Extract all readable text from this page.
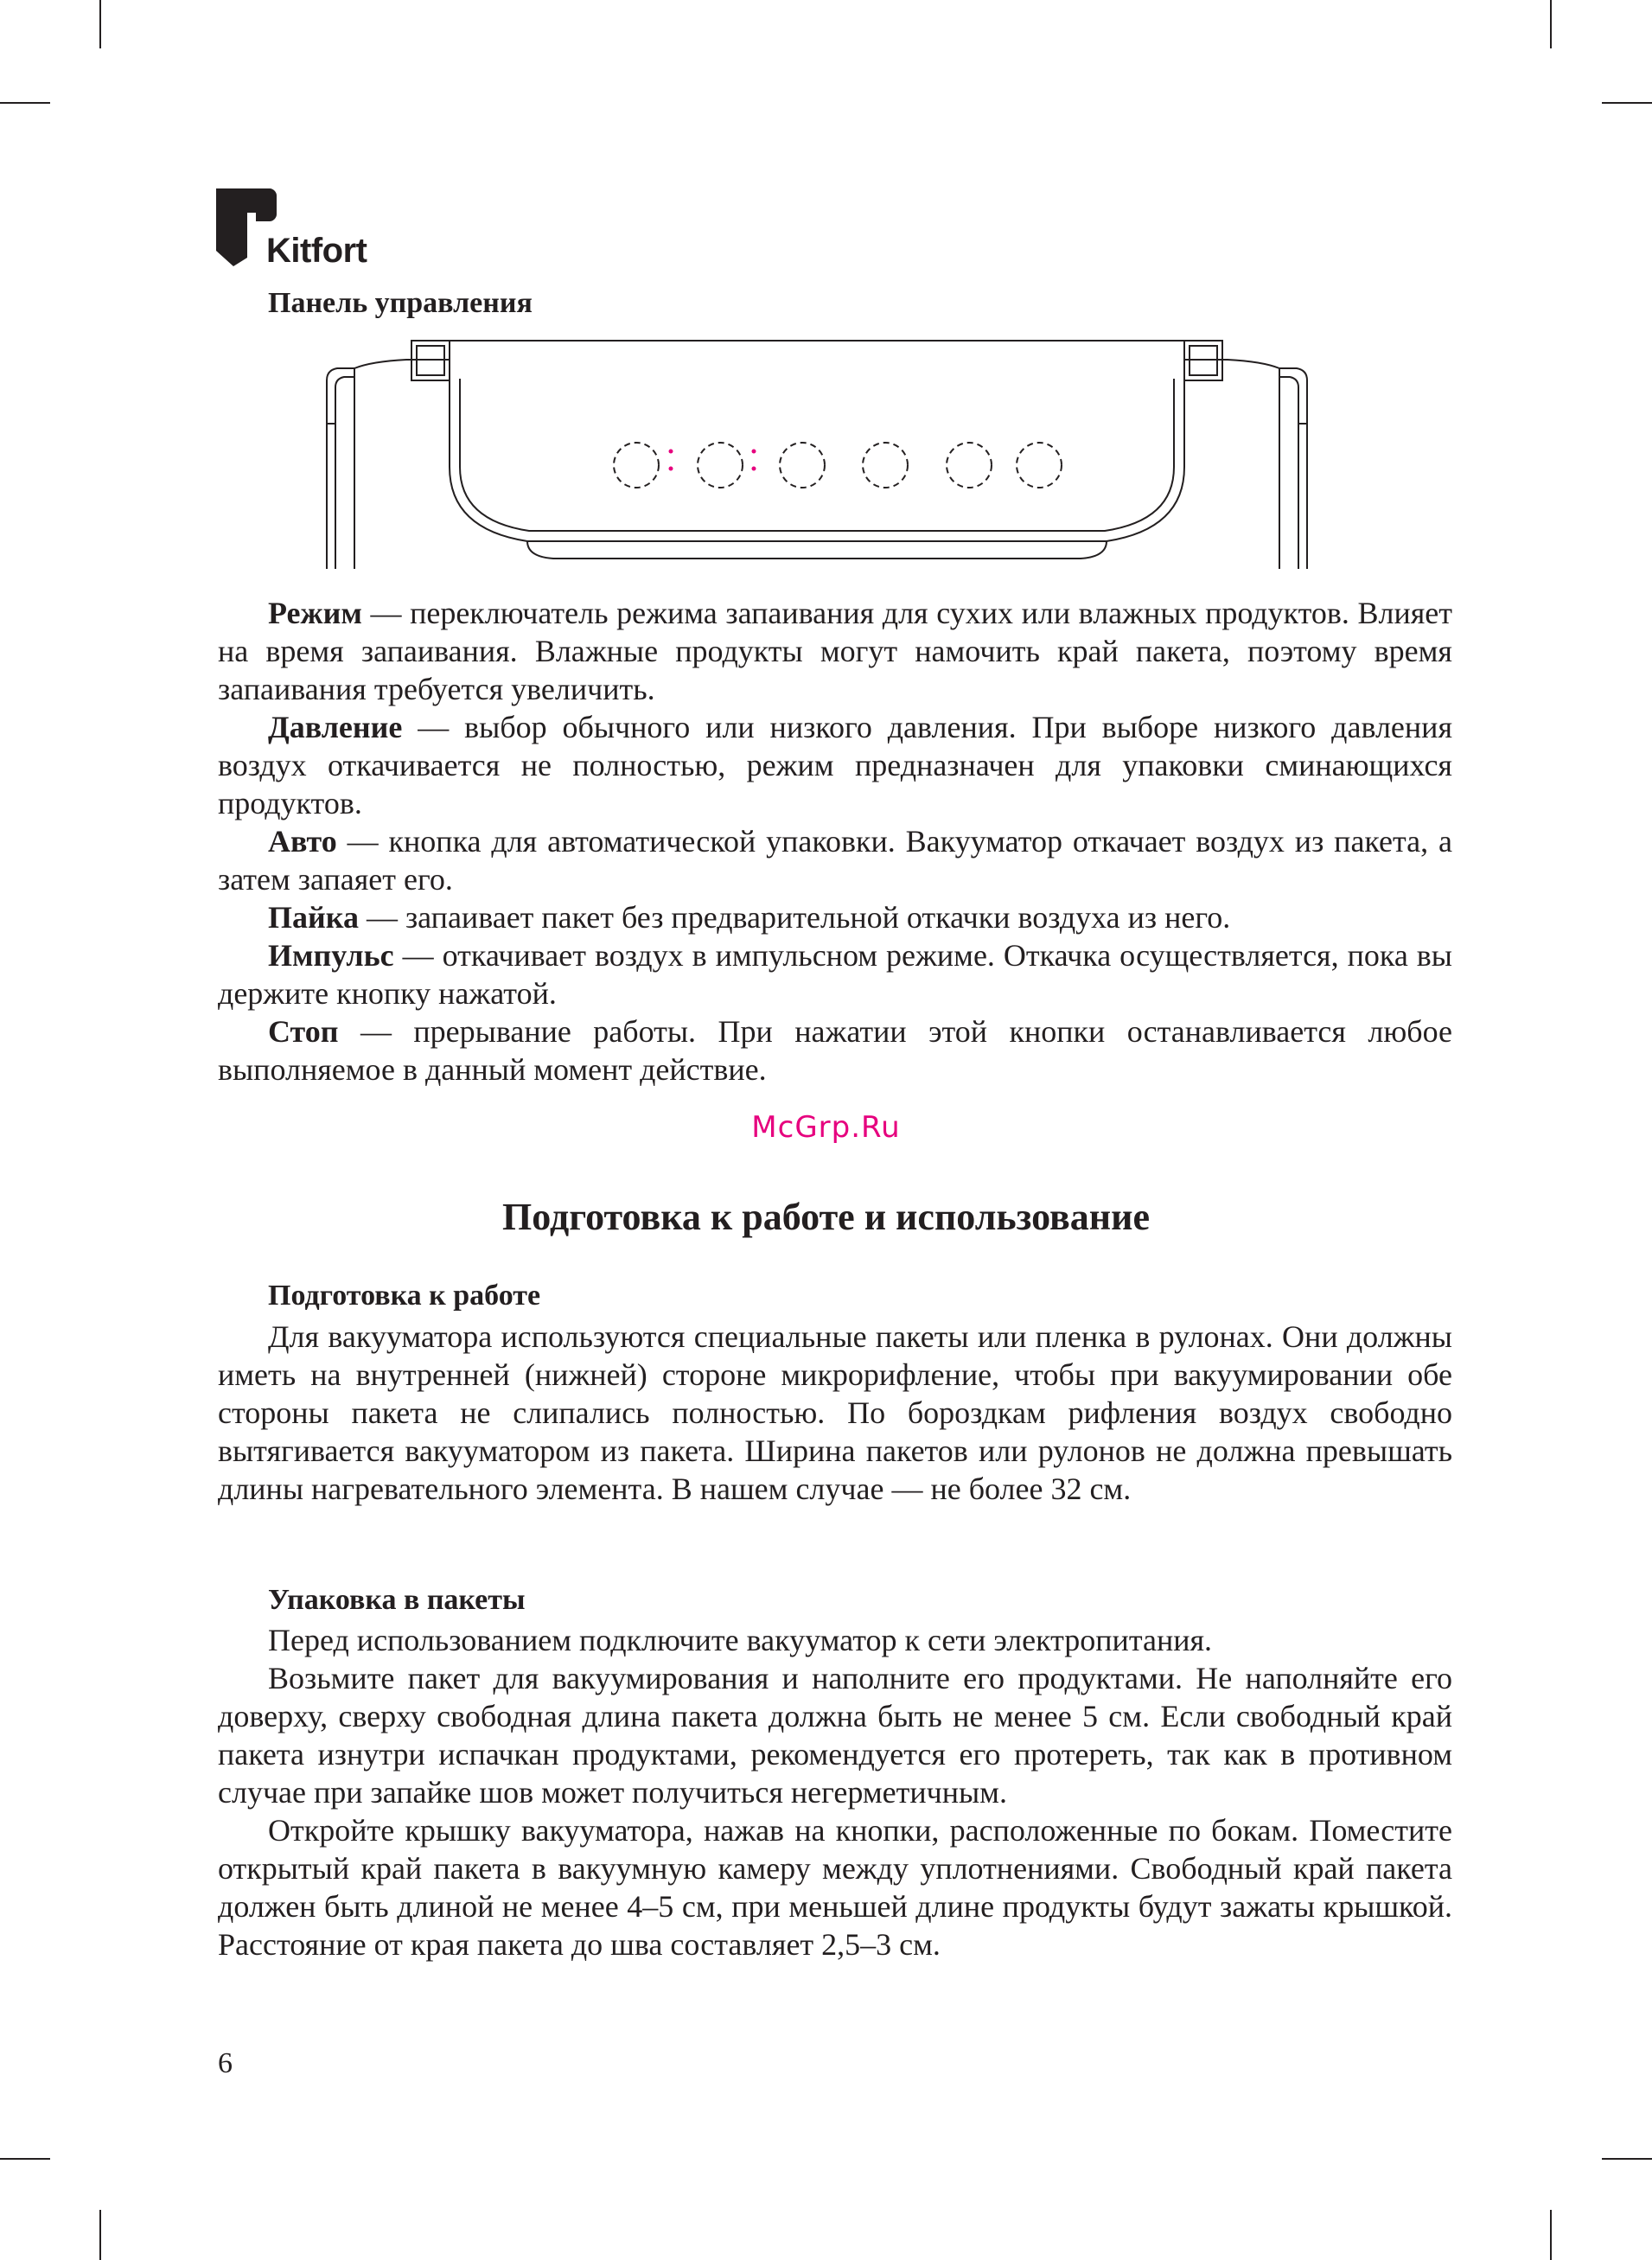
Kitfort
Панель управления

Режим — переключатель режима запаивания для сухих или влажных продуктов. Влияет на время запаивания. Влажные продукты могут намочить край пакета, поэтому время запаивания требуется увеличить.

Давление — выбор обычного или низкого давления. При выборе низкого давления воздух откачивается не полностью, режим предназначен для упаковки сминающихся продуктов.

Авто — кнопка для автоматической упаковки. Вакууматор откачает воздух из пакета, а затем запаяет его.

Пайка — запаивает пакет без предварительной откачки воздуха из него.

Импульс — откачивает воздух в импульсном режиме. Откачка осуществляется, пока вы держите кнопку нажатой.

Стоп — прерывание работы. При нажатии этой кнопки останавливается любое выполняемое в данный момент действие.

McGrp.Ru
Подготовка к работе и использование
Подготовка к работе

Для вакууматора используются специальные пакеты или пленка в рулонах. Они должны иметь на внутренней (нижней) стороне микрорифление, чтобы при вакуумировании обе стороны пакета не слипались полностью. По бороздкам рифления воздух свободно вытягивается вакууматором из пакета. Ширина пакетов или рулонов не должна превышать длины нагревательного элемента. В нашем случае — не более 32 см.

Упаковка в пакеты

Перед использованием подключите вакууматор к сети электропитания.

Возьмите пакет для вакуумирования и наполните его продуктами. Не наполняйте его доверху, сверху свободная длина пакета должна быть не менее 5 см. Если свободный край пакета изнутри испачкан продуктами, рекомендуется его протереть, так как в противном случае при запайке шов может получиться негерметичным.

Откройте крышку вакууматора, нажав на кнопки, расположенные по бокам. Поместите открытый край пакета в вакуумную камеру между уплотнениями. Свободный край пакета должен быть длиной не менее 4–5 см, при меньшей длине продукты будут зажаты крышкой. Расстояние от края пакета до шва составляет 2,5–3 см.

6
